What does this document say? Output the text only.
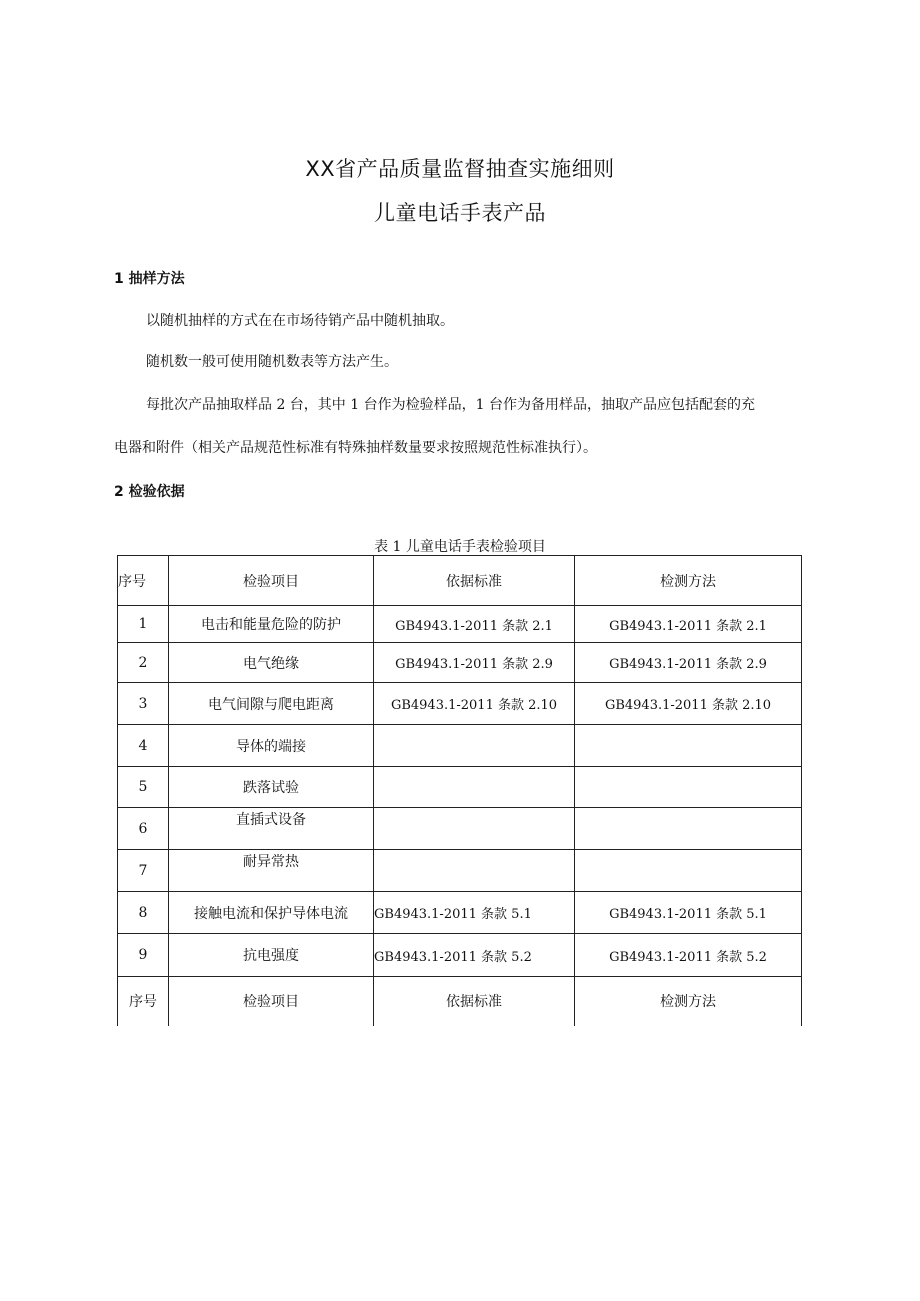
XX省产品质量监督抽查实施细则
儿童电话手表产品
1 抽样方法
以随机抽样的方式在在市场待销产品中随机抽取。
随机数一般可使用随机数表等方法产生。
每批次产品抽取样品 2 台，其中 1 台作为检验样品，1 台作为备用样品，抽取产品应包括配套的充
电器和附件（相关产品规范性标准有特殊抽样数量要求按照规范性标准执行）。
2 检验依据
表 1 儿童电话手表检验项目
序号	检验项目	依据标准	检测方法
1	电击和能量危险的防护	GB4943.1-2011 条款 2.1	GB4943.1-2011 条款 2.1
2	电气绝缘	GB4943.1-2011 条款 2.9	GB4943.1-2011 条款 2.9
3	电气间隙与爬电距离	GB4943.1-2011 条款 2.10	GB4943.1-2011 条款 2.10
4	导体的端接		
5	跌落试验		
6	直插式设备		
7	耐异常热		
8	接触电流和保护导体电流	GB4943.1-2011 条款 5.1	GB4943.1-2011 条款 5.1
9	抗电强度	GB4943.1-2011 条款 5.2	GB4943.1-2011 条款 5.2
序号	检验项目	依据标准	检测方法
